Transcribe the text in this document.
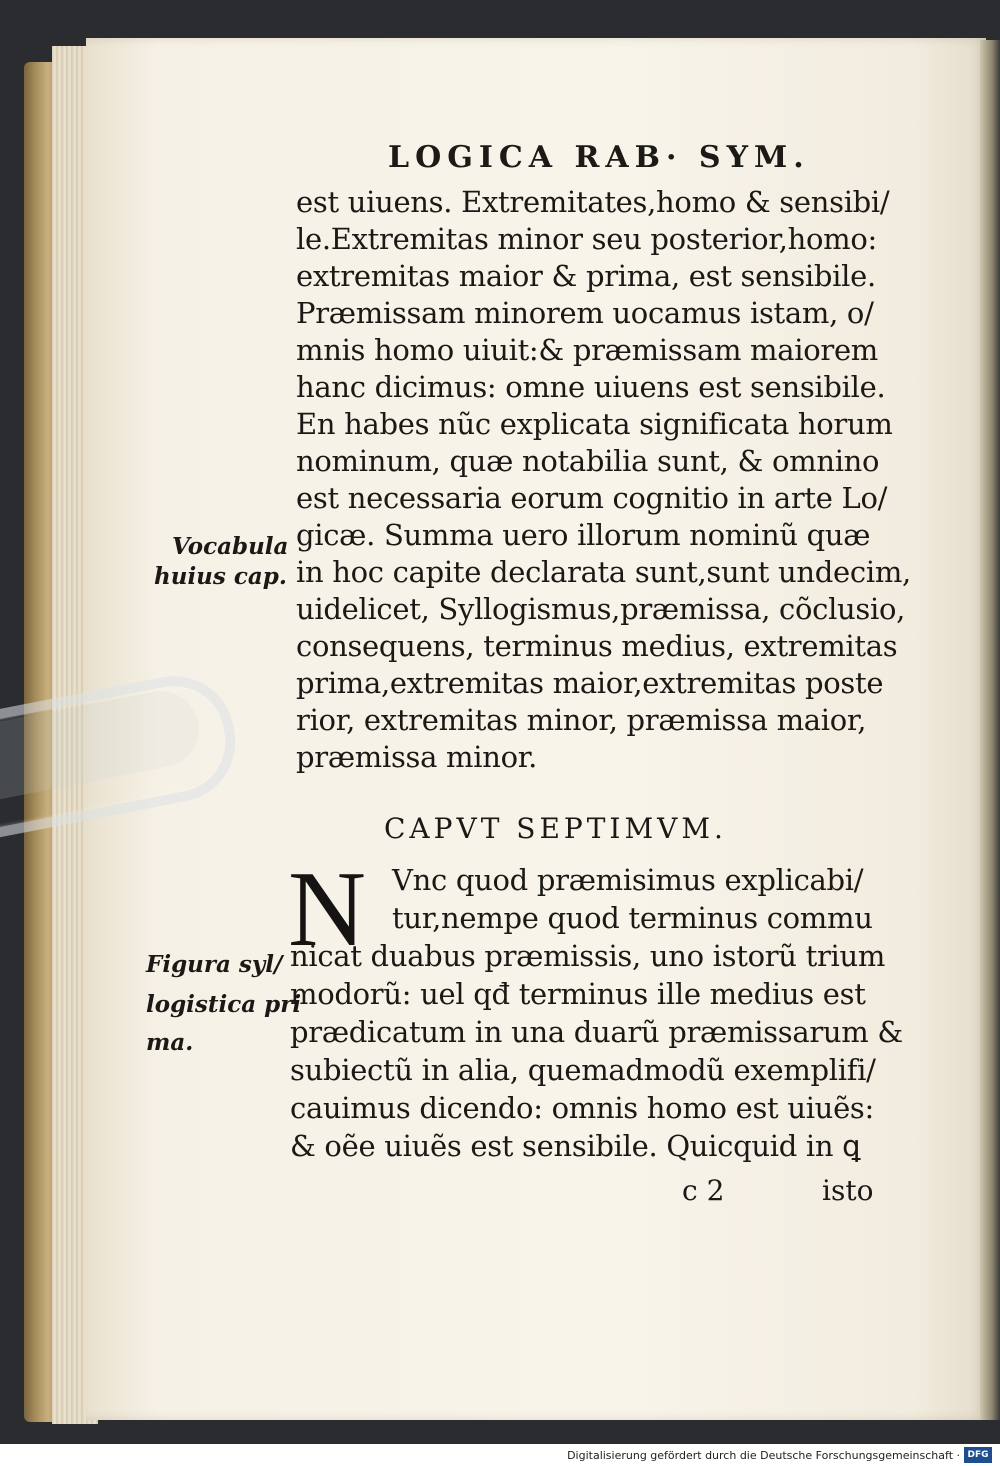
LOGICA RAB· SYM.
est uiuens. Extremitates,homo & sensibi/
le.Extremitas minor seu posterior,homo:
extremitas maior & prima, est sensibile.
Præmissam minorem uocamus istam, o/
mnis homo uiuit:& præmissam maiorem
hanc dicimus: omne uiuens est sensibile.
En habes nũc explicata significata horum
nominum, quæ notabilia sunt, & omnino
est necessaria eorum cognitio in arte Lo/
gicæ. Summa uero illorum nominũ quæ
in hoc capite declarata sunt,sunt undecim,
uidelicet, Syllogismus,præmissa, cõclusio,
consequens, terminus medius, extremitas
prima,extremitas maior,extremitas poste
rior, extremitas minor, præmissa maior,
præmissa minor.
Vocabula
huius cap.
CAPVT SEPTIMVM.
N Vnc quod præmisimus explicabi/
tur,nempe quod terminus commu
nicat duabus præmissis, uno istorũ trium
modorũ: uel qđ terminus ille medius est
prædicatum in una duarũ præmissarum &
subiectũ in alia, quemadmodũ exemplifi/
cauimus dicendo: omnis homo est uiuẽs:
& oẽe uiuẽs est sensibile. Quicquid in ꝗ
Figura syl/
logistica pri
ma.
c 2	isto
Digitalisierung gefördert durch die Deutsche Forschungsgemeinschaft · DFG
